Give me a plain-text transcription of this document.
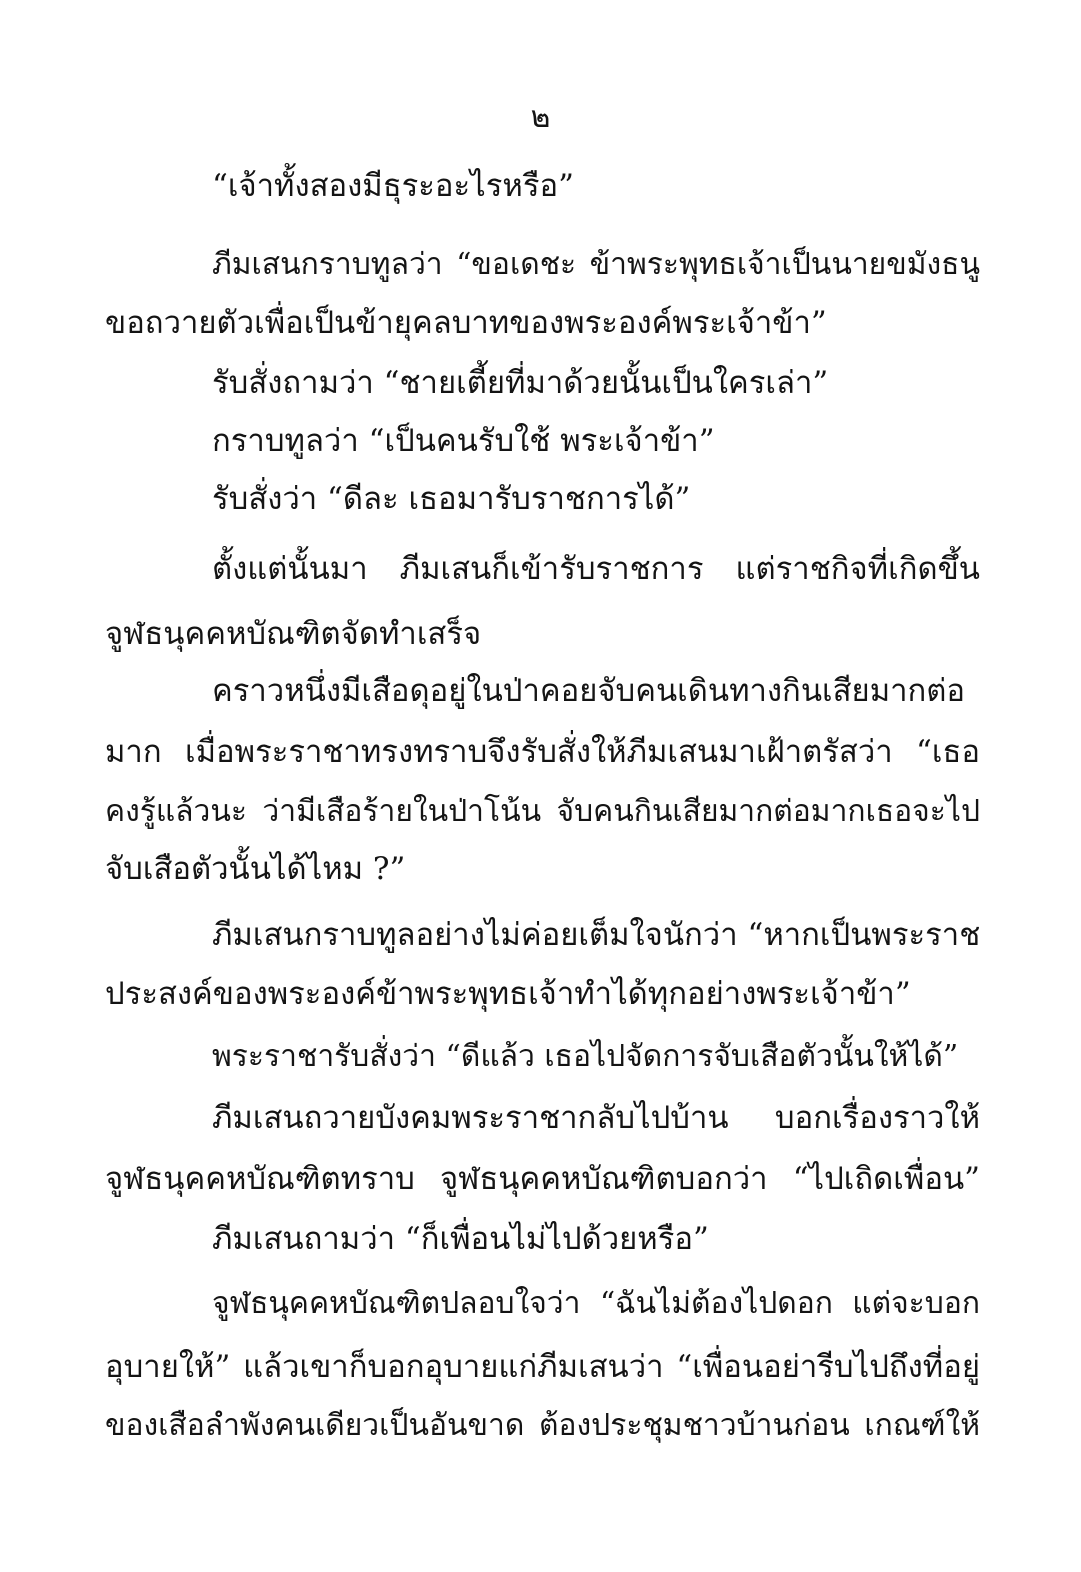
๒
“เจ้าทั้งสองมีธุระอะไรหรือ”
ภีมเสนกราบทูลว่า “ขอเดชะ ข้าพระพุทธเจ้าเป็นนายขมังธนู
ขอถวายตัวเพื่อเป็นข้ายุคลบาทของพระองค์พระเจ้าข้า”
รับสั่งถามว่า “ชายเตี้ยที่มาด้วยนั้นเป็นใครเล่า”
กราบทูลว่า “เป็นคนรับใช้ พระเจ้าข้า”
รับสั่งว่า “ดีละ เธอมารับราชการได้”
ตั้งแต่นั้นมา ภีมเสนก็เข้ารับราชการ แต่ราชกิจที่เกิดขึ้น
จูฬธนุคคหบัณฑิตจัดทำเสร็จ
คราวหนึ่งมีเสือดุอยู่ในป่าคอยจับคนเดินทางกินเสียมากต่อ
มาก เมื่อพระราชาทรงทราบจึงรับสั่งให้ภีมเสนมาเฝ้าตรัสว่า “เธอ
คงรู้แล้วนะ ว่ามีเสือร้ายในป่าโน้น จับคนกินเสียมากต่อมากเธอจะไป
จับเสือตัวนั้นได้ไหม ?”
ภีมเสนกราบทูลอย่างไม่ค่อยเต็มใจนักว่า “หากเป็นพระราช
ประสงค์ของพระองค์ข้าพระพุทธเจ้าทำได้ทุกอย่างพระเจ้าข้า”
พระราชารับสั่งว่า “ดีแล้ว เธอไปจัดการจับเสือตัวนั้นให้ได้”
ภีมเสนถวายบังคมพระราชากลับไปบ้าน บอกเรื่องราวให้
จูฬธนุคคหบัณฑิตทราบ จูฬธนุคคหบัณฑิตบอกว่า “ไปเถิดเพื่อน”
ภีมเสนถามว่า “ก็เพื่อนไม่ไปด้วยหรือ”
จูฬธนุคคหบัณฑิตปลอบใจว่า “ฉันไม่ต้องไปดอก แต่จะบอก
อุบายให้” แล้วเขาก็บอกอุบายแก่ภีมเสนว่า “เพื่อนอย่ารีบไปถึงที่อยู่
ของเสือลำพังคนเดียวเป็นอันขาด ต้องประชุมชาวบ้านก่อน เกณฑ์ให้
